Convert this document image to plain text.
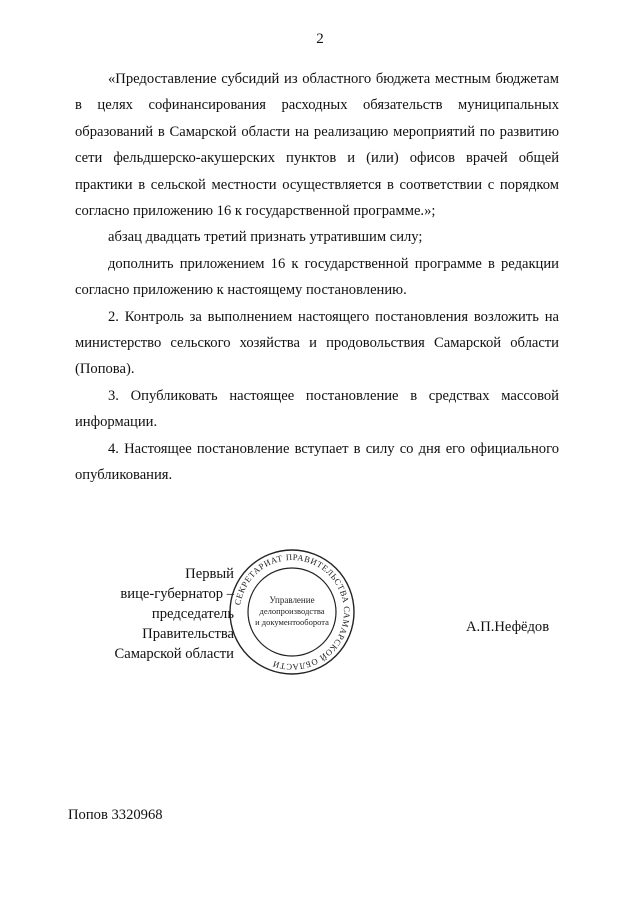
2

«Предоставление субсидий из областного бюджета местным бюджетам в целях софинансирования расходных обязательств муниципальных образований в Самарской области на реализацию мероприятий по развитию сети фельдшерско-акушерских пунктов и (или) офисов врачей общей практики в сельской местности осуществляется в соответствии с порядком согласно приложению 16 к государственной программе.»;

абзац двадцать третий признать утратившим силу;

дополнить приложением 16 к государственной программе в редакции согласно приложению к настоящему постановлению.

2. Контроль за выполнением настоящего постановления возложить на министерство сельского хозяйства и продовольствия Самарской области (Попова).

3. Опубликовать настоящее постановление в средствах массовой информации.

4. Настоящее постановление вступает в силу со дня его официального опубликования.

Первый
вице-губернатор –
председатель Правительства
Самарской области
СЕКРЕТАРИАТ ПРАВИТЕЛЬСТВА САМАРСКОЙ ОБЛАСТИ
Управление
делопроизводства
и документооборота	А.П.Нефёдов
Попов 3320968
